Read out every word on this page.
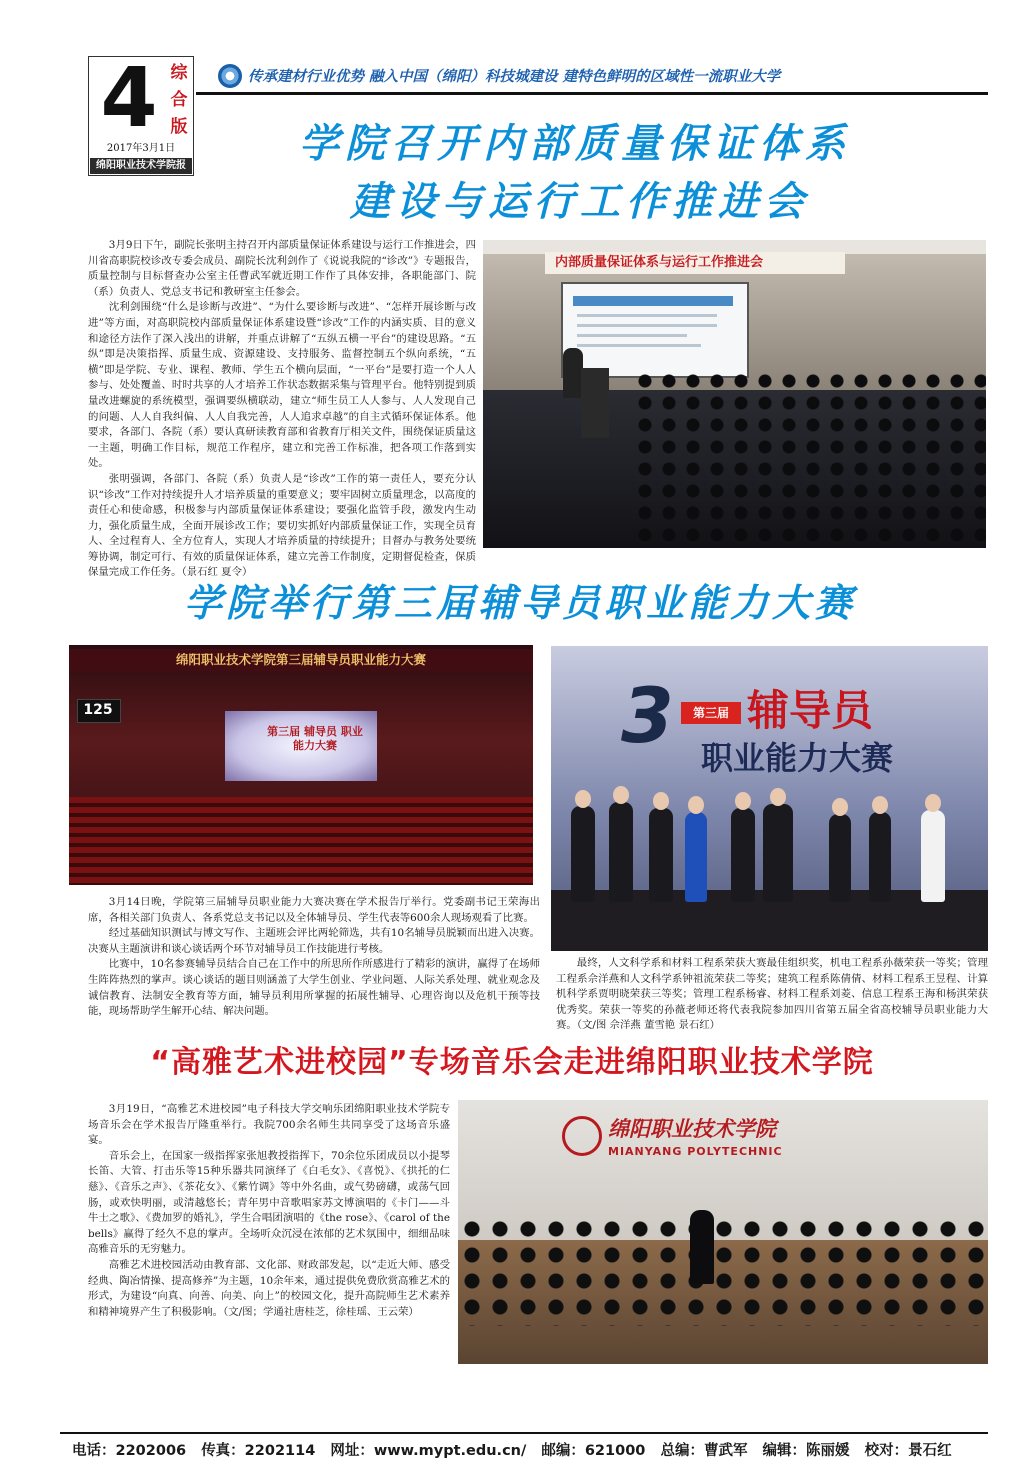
4 综合版
2017年3月1日
绵阳职业技术学院报
传承建材行业优势 融入中国（绵阳）科技城建设 建特色鲜明的区域性一流职业大学
学院召开内部质量保证体系
建设与运行工作推进会

3月9日下午，副院长张明主持召开内部质量保证体系建设与运行工作推进会，四川省高职院校诊改专委会成员、副院长沈利剑作了《说说我院的“诊改”》专题报告，质量控制与目标督查办公室主任曹武军就近期工作作了具体安排，各职能部门、院（系）负责人、党总支书记和教研室主任参会。

沈利剑围绕“什么是诊断与改进”、“为什么要诊断与改进”、“怎样开展诊断与改进”等方面，对高职院校内部质量保证体系建设暨“诊改”工作的内涵实质、目的意义和途径方法作了深入浅出的讲解，并重点讲解了“五纵五横一平台”的建设思路。“五纵”即是决策指挥、质量生成、资源建设、支持服务、监督控制五个纵向系统，“五横”即是学院、专业、课程、教师、学生五个横向层面，“一平台”是要打造一个人人参与、处处覆盖、时时共享的人才培养工作状态数据采集与管理平台。他特别提到质量改进螺旋的系统模型，强调要纵横联动，建立“师生员工人人参与、人人发现自己的问题、人人自我纠偏、人人自我完善，人人追求卓越”的自主式循环保证体系。他要求，各部门、各院（系）要认真研读教育部和省教育厅相关文件，围绕保证质量这一主题，明确工作目标，规范工作程序，建立和完善工作标准，把各项工作落到实处。

张明强调，各部门、各院（系）负责人是“诊改”工作的第一责任人，要充分认识“诊改”工作对持续提升人才培养质量的重要意义；要牢固树立质量理念，以高度的责任心和使命感，积极参与内部质量保证体系建设；要强化监管手段，激发内生动力，强化质量生成，全面开展诊改工作；要切实抓好内部质量保证工作，实现全员育人、全过程育人、全方位育人，实现人才培养质量的持续提升；目督办与教务处要统筹协调，制定可行、有效的质量保证体系，建立完善工作制度，定期督促检查，保质保量完成工作任务。（景石红 夏令）

内部质量保证体系与运行工作推进会
学院举行第三届辅导员职业能力大赛
绵阳职业技术学院第三届辅导员职业能力大赛
125
第三届 辅导员 职业能力大赛	3	第三届 辅导员
职业能力大赛

3月14日晚，学院第三届辅导员职业能力大赛决赛在学术报告厅举行。党委副书记王荣海出席，各相关部门负责人、各系党总支书记以及全体辅导员、学生代表等600余人现场观看了比赛。

经过基础知识测试与博文写作、主题班会评比两轮筛选，共有10名辅导员脱颖而出进入决赛。决赛从主题演讲和谈心谈话两个环节对辅导员工作技能进行考核。

比赛中，10名参赛辅导员结合自己在工作中的所思所作所感进行了精彩的演讲，赢得了在场师生阵阵热烈的掌声。谈心谈话的题目则涵盖了大学生创业、学业问题、人际关系处理、就业观念及诚信教育、法制安全教育等方面，辅导员利用所掌握的拓展性辅导、心理咨询以及危机干预等技能，现场帮助学生解开心结、解决问题。

最终，人文科学系和材料工程系荣获大赛最佳组织奖，机电工程系孙薇荣获一等奖；管理工程系佘洋燕和人文科学系钟祖流荣获二等奖；建筑工程系陈倩倩、材料工程系王昱程、计算机科学系贾明晓荣获三等奖；管理工程系杨睿、材料工程系刘菱、信息工程系王海和杨淇荣获优秀奖。荣获一等奖的孙薇老师还将代表我院参加四川省第五届全省高校辅导员职业能力大赛。（文/图 佘洋燕 董雪艳 景石红）

“高雅艺术进校园”专场音乐会走进绵阳职业技术学院

3月19日，“高雅艺术进校园”电子科技大学交响乐团绵阳职业技术学院专场音乐会在学术报告厅隆重举行。我院700余名师生共同享受了这场音乐盛宴。

音乐会上，在国家一级指挥家张旭教授指挥下，70余位乐团成员以小提琴长笛、大管、打击乐等15种乐器共同演绎了《白毛女》、《喜悦》、《拱托的仁慈》、《音乐之声》、《茶花女》、《紫竹调》等中外名曲，或气势磅礴，或荡气回肠，或欢快明丽，或清越悠长；青年男中音歌唱家苏文博演唱的《卡门——斗牛士之歌》、《费加罗的婚礼》，学生合唱团演唱的《the rose》、《carol of the bells》赢得了经久不息的掌声。全场听众沉浸在浓郁的艺术氛围中，细细品味高雅音乐的无穷魅力。

高雅艺术进校园活动由教育部、文化部、财政部发起，以“走近大师、感受经典、陶冶情操、提高修养”为主题，10余年来，通过提供免费欣赏高雅艺术的形式，为建设“向真、向善、向美、向上”的校园文化，提升高院师生艺术素养和精神境界产生了积极影响。（文/图；学通社唐桂芝，徐桂瑶、王云荣）

绵阳职业技术学院
MIANYANG POLYTECHNIC
电话：2202006 传真：2202114 网址：www.mypt.edu.cn/ 邮编：621000 总编：曹武军 编辑：陈丽媛 校对：景石红
